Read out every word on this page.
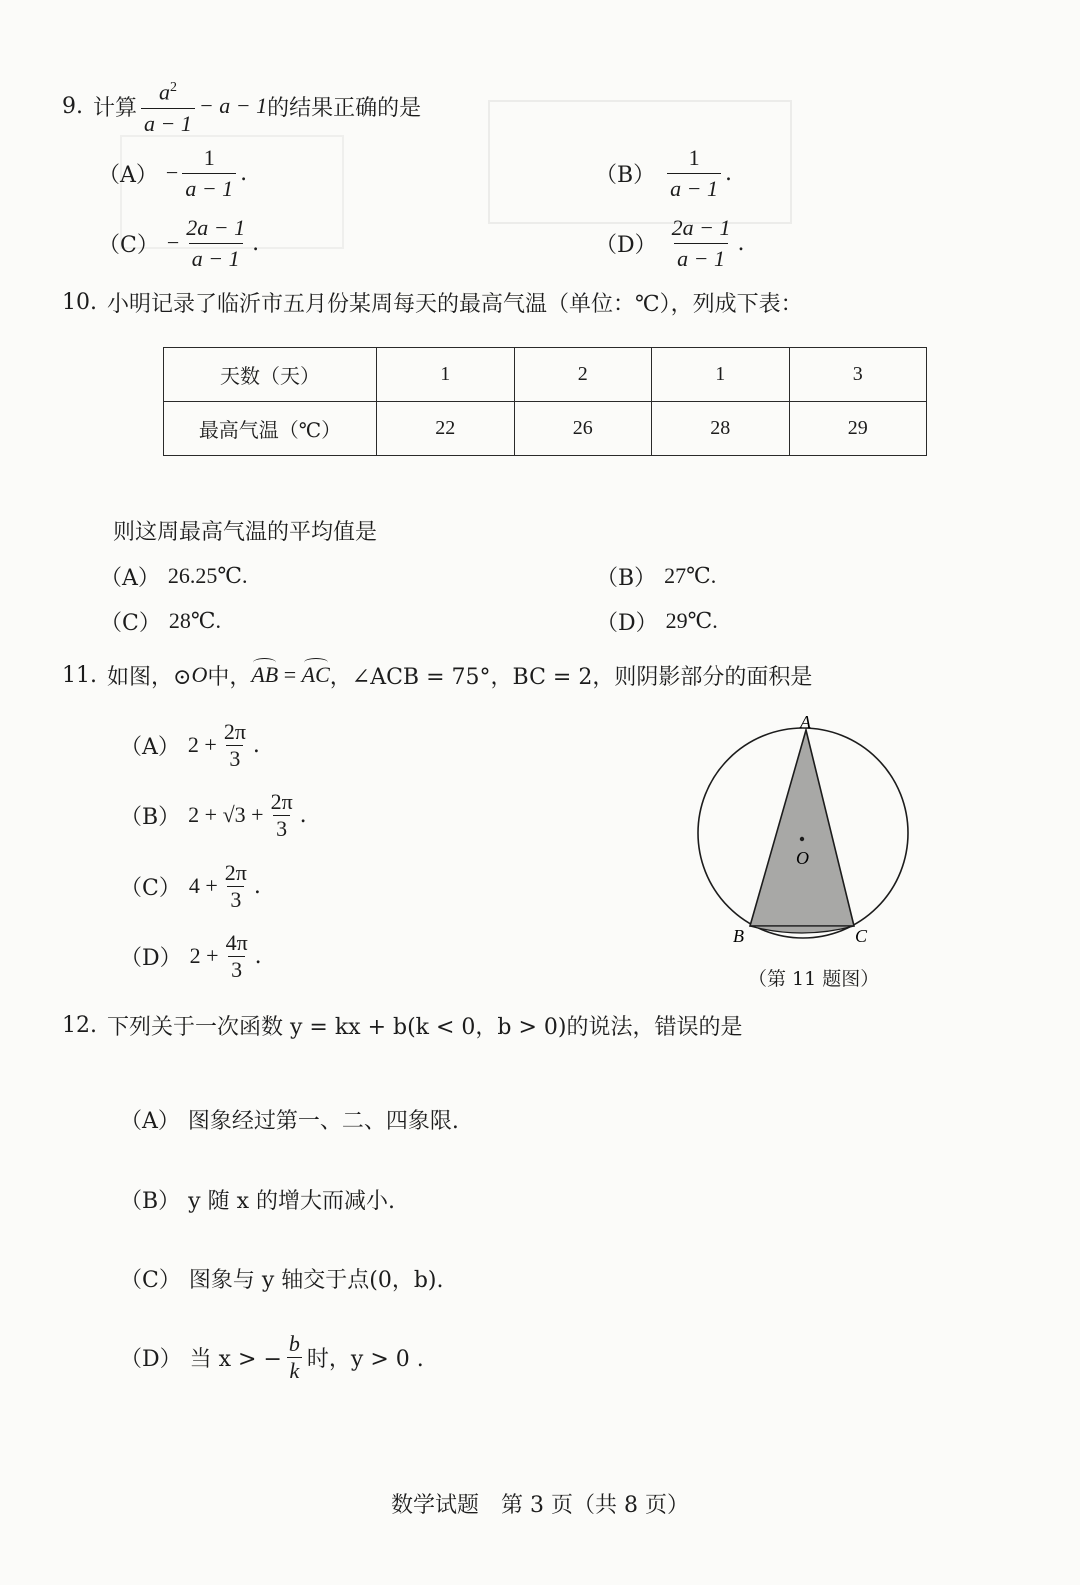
9. 计算 $\frac{a^2}{a - 1} - a - 1$ 的结果正确的是
$(A) - \frac{1}{a - 1}$ .	$(B) \frac{1}{a - 1}$ .
$(C) - \frac{2a - 1}{a - 1}$ .	$(D) \frac{2a - 1}{a - 1}$ .
10. 小明记录了临沂市五月份某周每天的最高气温（单位：℃），列成下表：
天数（天）	1	2	1	3
最高气温（℃）	22	26	28	29
则这周最高气温的平均值是
（A） 26.25℃.	（B） 27℃.
（C） 28℃.	（D） 29℃.
11. 如图，⊙ O 中， AB = AC ，∠ACB = 75°，BC = 2，则阴影部分的面积是
（A） $2 + \frac{2\pi}{3}$ .
（B） $2 + √3 + \frac{2\pi}{3}$ .
（C） $4 + \frac{2\pi}{3}$ .
（D） $2 + \frac{4\pi}{3}$ .
A
O
B	C
（第 11 题图）
12. 下列关于一次函数 y = kx + b(k < 0，b > 0)的说法，错误的是
（A） 图象经过第一、二、四象限.
（B） y 随 x 的增大而减小.
（C） 图象与 y 轴交于点(0，b).
（D） 当 x > − $\frac{b}{k}$ 时，y > 0 .
数学试题　第 3 页（共 8 页）
